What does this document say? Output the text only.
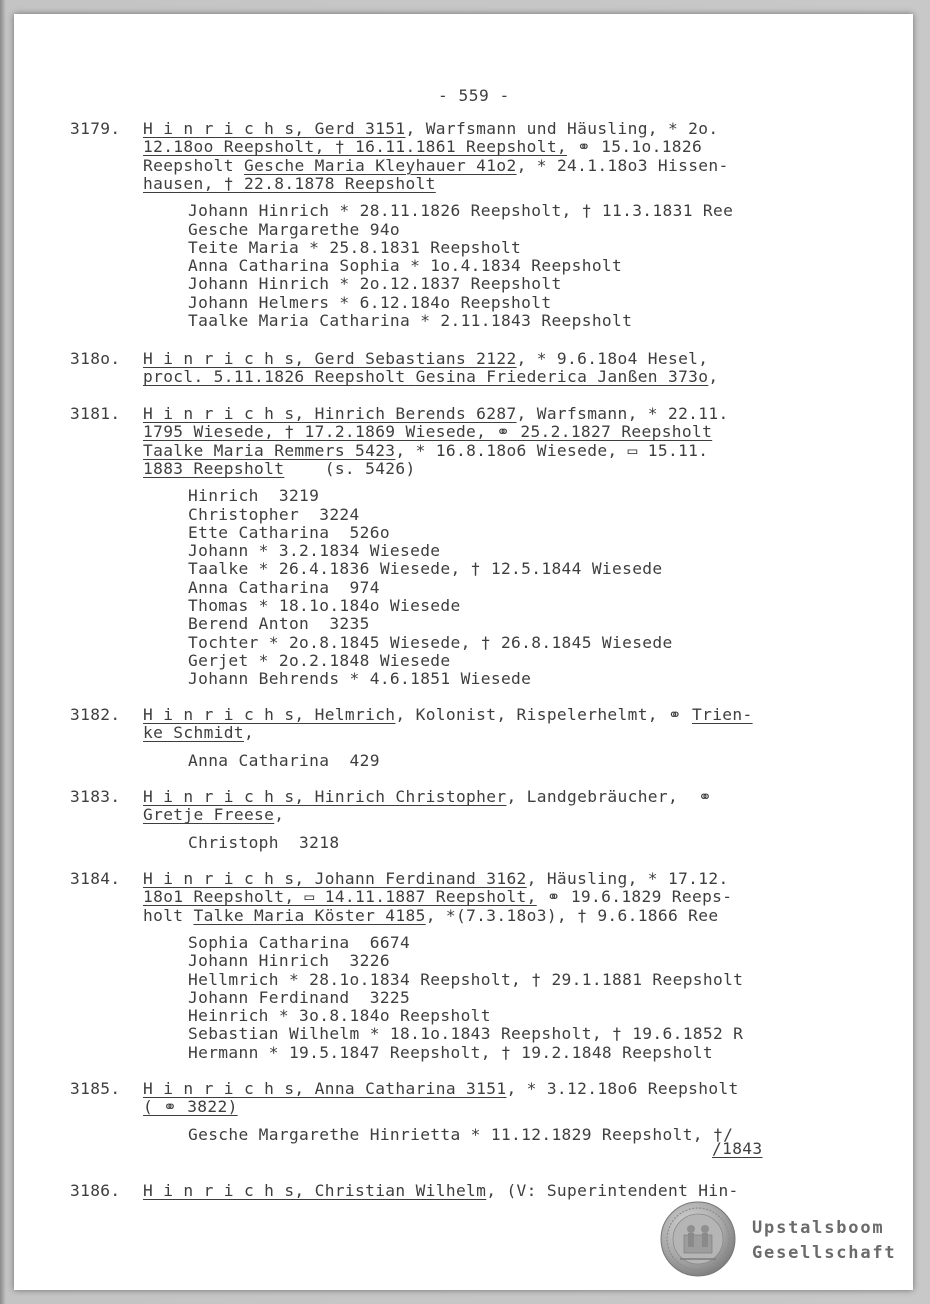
- 559 -
3179. H i n r i c h s, Gerd 3151, Warfsmann und Häusling, * 2o.
12.18oo Reepsholt, † 16.11.1861 Reepsholt, ⚭ 15.1o.1826
Reepsholt Gesche Maria Kleyhauer 41o2, * 24.1.18o3 Hissen-
hausen, † 22.8.1878 Reepsholt
Johann Hinrich * 28.11.1826 Reepsholt, † 11.3.1831 Ree
Gesche Margarethe 94o
Teite Maria * 25.8.1831 Reepsholt
Anna Catharina Sophia * 1o.4.1834 Reepsholt
Johann Hinrich * 2o.12.1837 Reepsholt
Johann Helmers * 6.12.184o Reepsholt
Taalke Maria Catharina * 2.11.1843 Reepsholt
318o. H i n r i c h s, Gerd Sebastians 2122, * 9.6.18o4 Hesel,
procl. 5.11.1826 Reepsholt Gesina Friederica Janßen 373o,
3181. H i n r i c h s, Hinrich Berends 6287, Warfsmann, * 22.11.
1795 Wiesede, † 17.2.1869 Wiesede, ⚭ 25.2.1827 Reepsholt
Taalke Maria Remmers 5423, * 16.8.18o6 Wiesede, ▭ 15.11.
1883 Reepsholt    (s. 5426)
Hinrich  3219
Christopher  3224
Ette Catharina  526o
Johann * 3.2.1834 Wiesede
Taalke * 26.4.1836 Wiesede, † 12.5.1844 Wiesede
Anna Catharina  974
Thomas * 18.1o.184o Wiesede
Berend Anton  3235
Tochter * 2o.8.1845 Wiesede, † 26.8.1845 Wiesede
Gerjet * 2o.2.1848 Wiesede
Johann Behrends * 4.6.1851 Wiesede
3182. H i n r i c h s, Helmrich, Kolonist, Rispelerhelmt, ⚭ Trien-
ke Schmidt,
Anna Catharina  429
3183. H i n r i c h s, Hinrich Christopher, Landgebräucher,  ⚭
Gretje Freese,
Christoph  3218
3184. H i n r i c h s, Johann Ferdinand 3162, Häusling, * 17.12.
18o1 Reepsholt, ▭ 14.11.1887 Reepsholt, ⚭ 19.6.1829 Reeps-
holt Talke Maria Köster 4185, *(7.3.18o3), † 9.6.1866 Ree
Sophia Catharina  6674
Johann Hinrich  3226
Hellmrich * 28.1o.1834 Reepsholt, † 29.1.1881 Reepsholt
Johann Ferdinand  3225
Heinrich * 3o.8.184o Reepsholt
Sebastian Wilhelm * 18.1o.1843 Reepsholt, † 19.6.1852 R
Hermann * 19.5.1847 Reepsholt, † 19.2.1848 Reepsholt
3185. H i n r i c h s, Anna Catharina 3151, * 3.12.18o6 Reepsholt
( ⚭ 3822)
Gesche Margarethe Hinrietta * 11.12.1829 Reepsholt, †/
/1843
3186. H i n r i c h s, Christian Wilhelm, (V: Superintendent Hin-
Upstalsboom
Gesellschaft
